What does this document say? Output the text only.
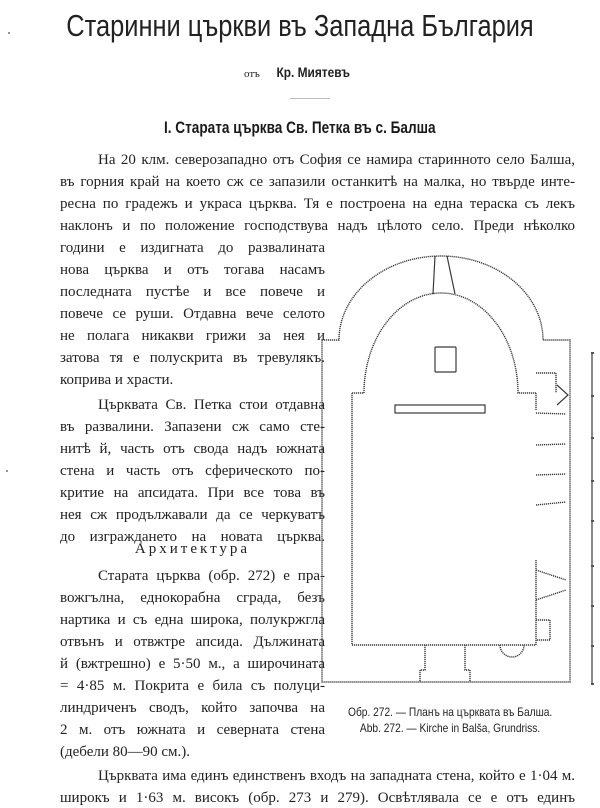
Старинни църкви въ Западна България
отъ Кр. Миятевъ
I. Старата църква Св. Петка въ с. Балша
На 20 клм. северозападно отъ София се намира старинното село Балша,
въ горния край на което сж се запазили останкитѣ на малка, но твърде инте-
ресна по градежъ и украса църква. Тя е построена на една тераска съ лекъ
наклонъ и по положение господствува надъ цѣлото село. Преди нѣколко
години е издигната до развалината
нова църква и отъ тогава насамъ
последната пустѣе и все повече и
повече се руши. Отдавна вече селото
не полага никакви грижи за нея и
затова тя е полускрита въ тревулякъ.
коприва и храсти.
Църквата Св. Петка стои отдавна
въ развалини. Запазени сж само сте-
нитѣ й, часть отъ свода надъ южната
стена и часть отъ сферическото по-
критие на апсидата. При все това въ
нея сж продължавали да се черкуватъ
до изграждането на новата църква.
Архитектура
Старата църква (обр. 272) е пра-
вожгълна, еднокорабна сграда, безъ
нартика и съ една широка, полукржгла
отвънъ и отвжтре апсида. Дължината
й (вжтрешно) е 5·50 м., а широчината
= 4·85 м. Покрита е била съ полуци-
линдриченъ сводъ, който започва на
2 м. отъ южната и северната стена
(дебели 80—90 см.).
Църквата има единъ единственъ входъ на западната стена, който е 1·04 м.
широкъ и 1·63 м. високъ (обр. 273 и 279). Освѣтлявала се е отъ единъ
Обр. 272. — Планъ на църквата въ Балша.
Abb. 272. — Kirche in Balša, Grundriss.
